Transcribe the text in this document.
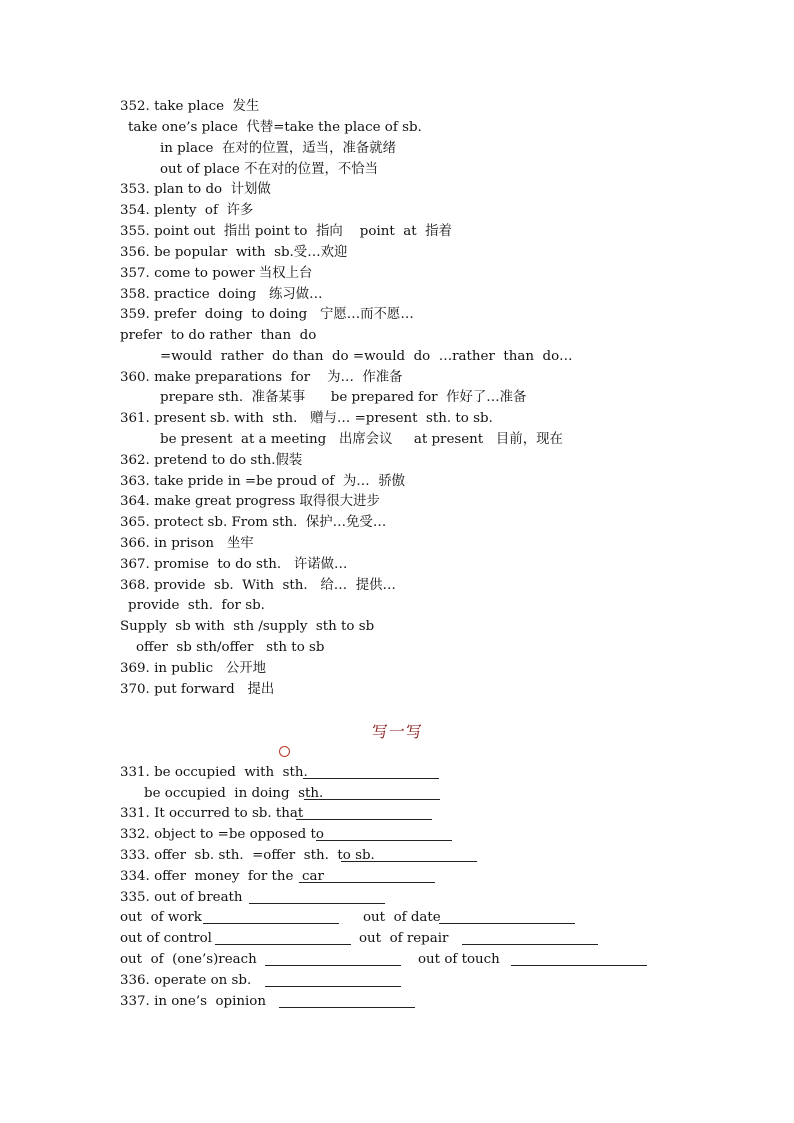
352. take place  发生
take one’s place  代替=take the place of sb.
in place  在对的位置，适当，准备就绪
out of place 不在对的位置，不恰当
353. plan to do  计划做
354. plenty  of  许多
355. point out  指出 point to  指向    point  at  指着
356. be popular  with  sb.受…欢迎
357. come to power 当权上台
358. practice  doing   练习做…
359. prefer  doing  to doing   宁愿…而不愿…
prefer  to do rather  than  do
=would  rather  do than  do =would  do  …rather  than  do…
360. make preparations  for    为…  作准备
prepare sth.  准备某事      be prepared for  作好了…准备
361. present sb. with  sth.   赠与… =present  sth. to sb.
be present  at a meeting   出席会议     at present   目前，现在
362. pretend to do sth.假装
363. take pride in =be proud of  为…  骄傲
364. make great progress 取得很大进步
365. protect sb. From sth.  保护…免受…
366. in prison   坐牢
367. promise  to do sth.   许诺做…
368. provide  sb.  With  sth.   给…  提供…
provide  sth.  for sb.
Supply  sb with  sth /supply  sth to sb
offer  sb sth/offer   sth to sb
369. in public   公开地
370. put forward   提出
写一写
331. be occupied  with  sth.
be occupied  in doing  sth.
331. It occurred to sb. that
332. object to =be opposed to
333. offer  sb. sth.  =offer  sth.  to sb.
334. offer  money  for the  car
335. out of breath
out  of work	out  of date
out of control	out  of repair
out  of  (one’s)reach	out of touch
336. operate on sb.
337. in one’s  opinion
